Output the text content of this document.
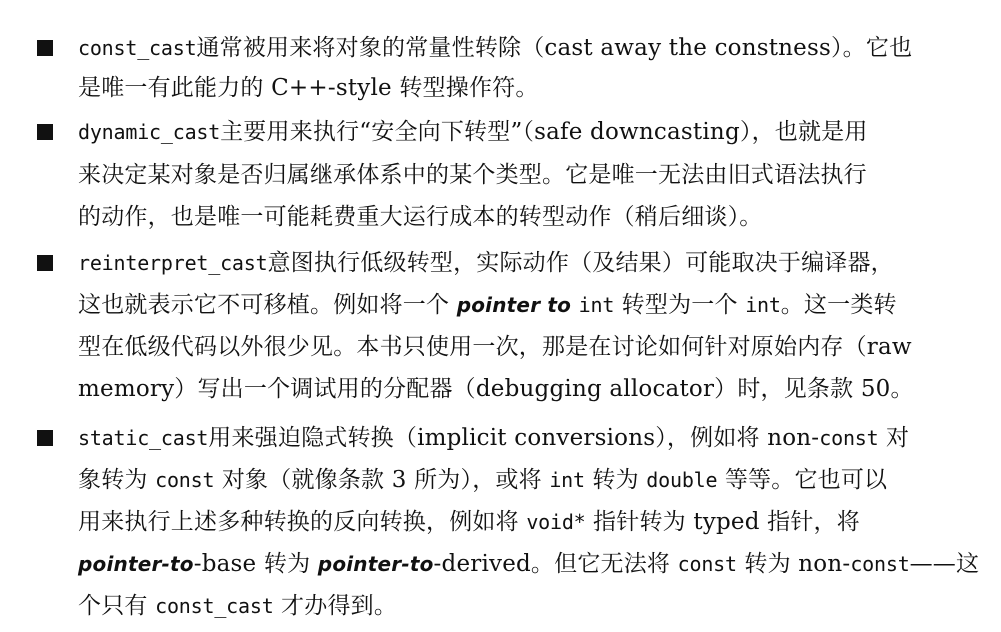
const_cast通常被用来将对象的常量性转除（cast away the constness）。它也
是唯一有此能力的 C++-style 转型操作符。
dynamic_cast主要用来执行“安全向下转型”（safe downcasting），也就是用
来决定某对象是否归属继承体系中的某个类型。它是唯一无法由旧式语法执行
的动作，也是唯一可能耗费重大运行成本的转型动作（稍后细谈）。
reinterpret_cast意图执行低级转型，实际动作（及结果）可能取决于编译器，
这也就表示它不可移植。例如将一个 pointer to int 转型为一个 int。这一类转
型在低级代码以外很少见。本书只使用一次，那是在讨论如何针对原始内存（raw
memory）写出一个调试用的分配器（debugging allocator）时，见条款 50。
static_cast用来强迫隐式转换（implicit conversions），例如将 non-const 对
象转为 const 对象（就像条款 3 所为），或将 int 转为 double 等等。它也可以
用来执行上述多种转换的反向转换，例如将 void* 指针转为 typed 指针，将
pointer-to-base 转为 pointer-to-derived。但它无法将 const 转为 non-const——这
个只有 const_cast 才办得到。
